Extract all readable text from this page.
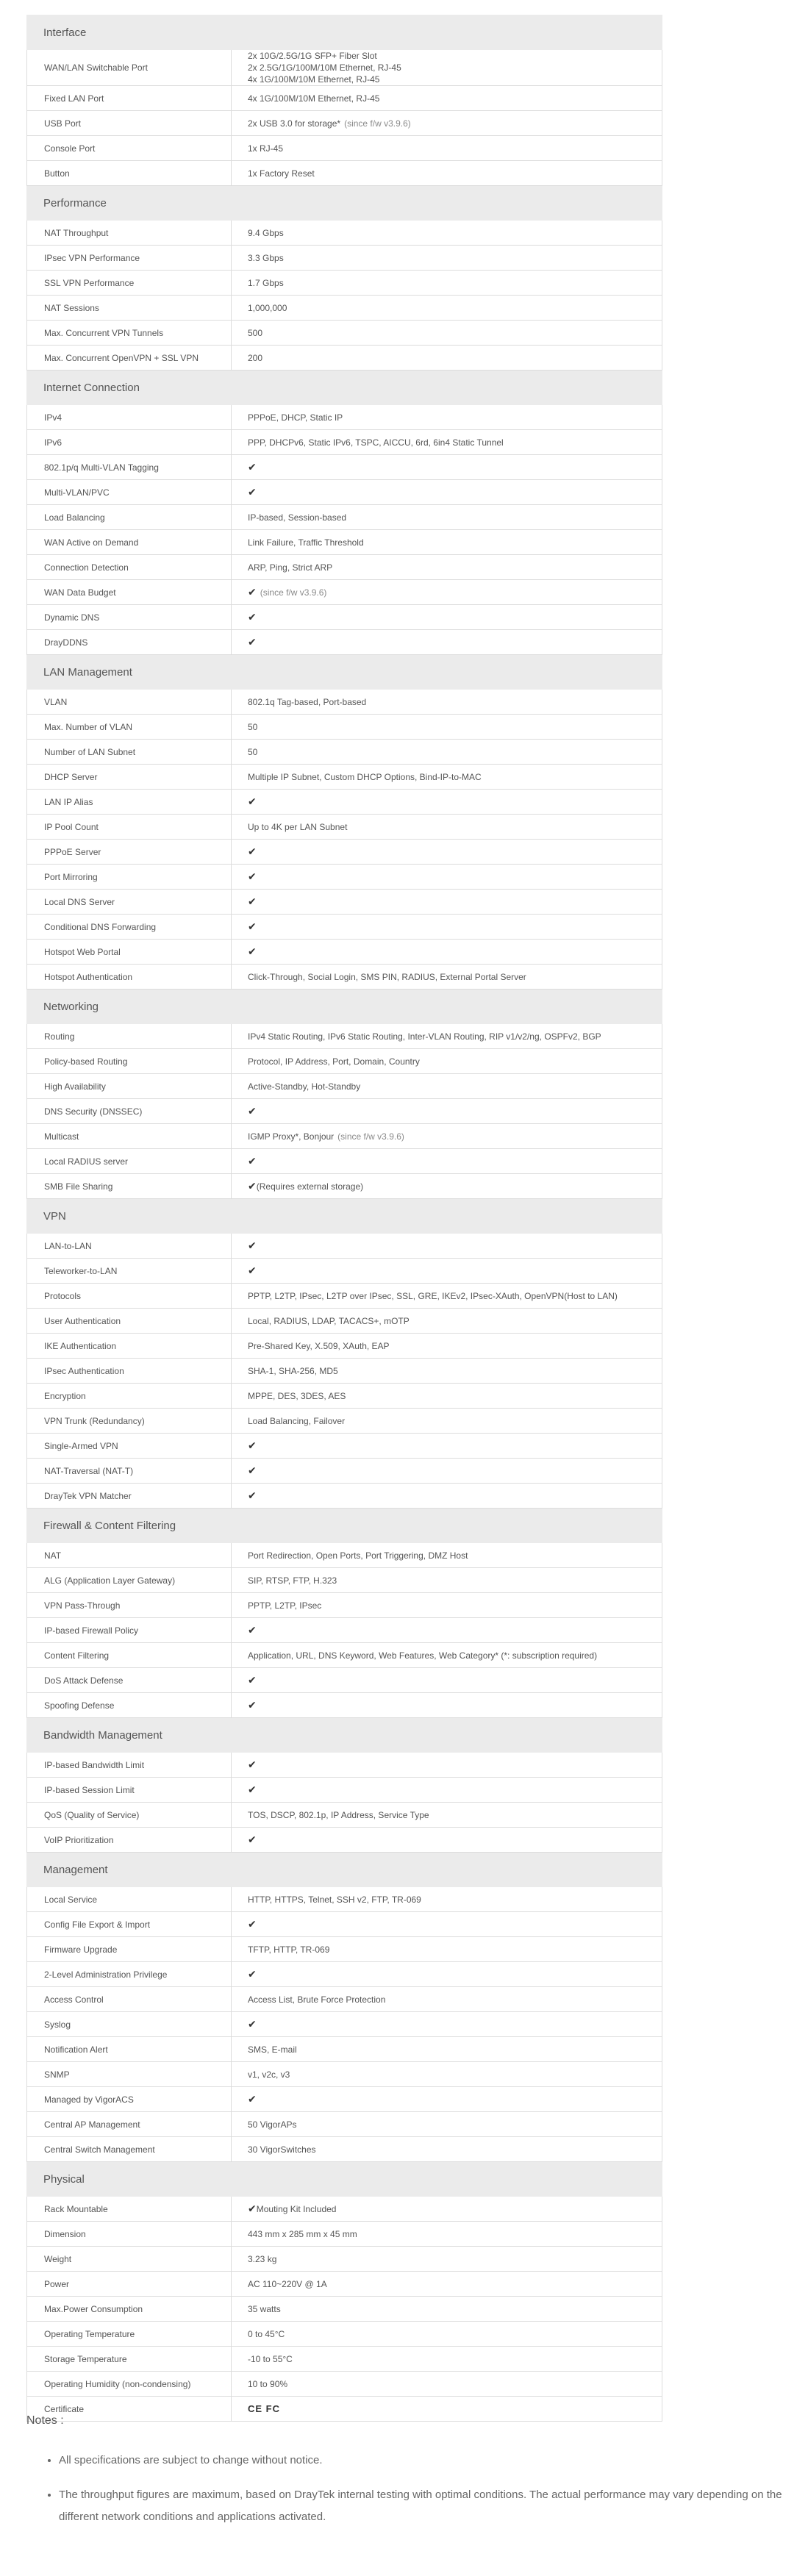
Interface	
WAN/LAN Switchable Port	2x 10G/2.5G/1G SFP+ Fiber Slot
2x 2.5G/1G/100M/10M Ethernet, RJ-45
4x 1G/100M/10M Ethernet, RJ-45

Fixed LAN Port	4x 1G/100M/10M Ethernet, RJ-45
USB Port	2x USB 3.0 for storage* (since f/w v3.9.6)
Console Port	1x RJ-45
Button	1x Factory Reset
Performance	
NAT Throughput	9.4 Gbps
IPsec VPN Performance	3.3 Gbps
SSL VPN Performance	1.7 Gbps
NAT Sessions	1,000,000
Max. Concurrent VPN Tunnels	500
Max. Concurrent OpenVPN + SSL VPN	200
Internet Connection	
IPv4	PPPoE, DHCP, Static IP
IPv6	PPP, DHCPv6, Static IPv6, TSPC, AICCU, 6rd, 6in4 Static Tunnel
802.1p/q Multi-VLAN Tagging	✔
Multi-VLAN/PVC	✔
Load Balancing	IP-based, Session-based
WAN Active on Demand	Link Failure, Traffic Threshold
Connection Detection	ARP, Ping, Strict ARP
WAN Data Budget	✔ (since f/w v3.9.6)
Dynamic DNS	✔
DrayDDNS	✔
LAN Management	
VLAN	802.1q Tag-based, Port-based
Max. Number of VLAN	50
Number of LAN Subnet	50
DHCP Server	Multiple IP Subnet, Custom DHCP Options, Bind-IP-to-MAC
LAN IP Alias	✔
IP Pool Count	Up to 4K per LAN Subnet
PPPoE Server	✔
Port Mirroring	✔
Local DNS Server	✔
Conditional DNS Forwarding	✔
Hotspot Web Portal	✔
Hotspot Authentication	Click-Through, Social Login, SMS PIN, RADIUS, External Portal Server
Networking	
Routing	IPv4 Static Routing, IPv6 Static Routing, Inter-VLAN Routing, RIP v1/v2/ng, OSPFv2, BGP
Policy-based Routing	Protocol, IP Address, Port, Domain, Country
High Availability	Active-Standby, Hot-Standby
DNS Security (DNSSEC)	✔
Multicast	IGMP Proxy*, Bonjour (since f/w v3.9.6)
Local RADIUS server	✔
SMB File Sharing	✔(Requires external storage)
VPN	
LAN-to-LAN	✔
Teleworker-to-LAN	✔
Protocols	PPTP, L2TP, IPsec, L2TP over IPsec, SSL, GRE, IKEv2, IPsec-XAuth, OpenVPN(Host to LAN)
User Authentication	Local, RADIUS, LDAP, TACACS+, mOTP
IKE Authentication	Pre-Shared Key, X.509, XAuth, EAP
IPsec Authentication	SHA-1, SHA-256, MD5
Encryption	MPPE, DES, 3DES, AES
VPN Trunk (Redundancy)	Load Balancing, Failover
Single-Armed VPN	✔
NAT-Traversal (NAT-T)	✔
DrayTek VPN Matcher	✔
Firewall & Content Filtering	
NAT	Port Redirection, Open Ports, Port Triggering, DMZ Host
ALG (Application Layer Gateway)	SIP, RTSP, FTP, H.323
VPN Pass-Through	PPTP, L2TP, IPsec
IP-based Firewall Policy	✔
Content Filtering	Application, URL, DNS Keyword, Web Features, Web Category* (*: subscription required)
DoS Attack Defense	✔
Spoofing Defense	✔
Bandwidth Management	
IP-based Bandwidth Limit	✔
IP-based Session Limit	✔
QoS (Quality of Service)	TOS, DSCP, 802.1p, IP Address, Service Type
VoIP Prioritization	✔
Management	
Local Service	HTTP, HTTPS, Telnet, SSH v2, FTP, TR-069
Config File Export & Import	✔
Firmware Upgrade	TFTP, HTTP, TR-069
2-Level Administration Privilege	✔
Access Control	Access List, Brute Force Protection
Syslog	✔
Notification Alert	SMS, E-mail
SNMP	v1, v2c, v3
Managed by VigorACS	✔
Central AP Management	50 VigorAPs
Central Switch Management	30 VigorSwitches
Physical	
Rack Mountable	✔Mouting Kit Included
Dimension	443 mm x 285 mm x 45 mm
Weight	3.23 kg
Power	AC 110~220V @ 1A
Max.Power Consumption	35 watts
Operating Temperature	0 to 45°C
Storage Temperature	-10 to 55°C
Operating Humidity (non-condensing)	10 to 90%
Certificate	CE FC
Notes :
• All specifications are subject to change without notice.
• The throughput figures are maximum, based on DrayTek internal testing with optimal conditions. The actual performance may vary depending on the different network conditions and applications activated.
